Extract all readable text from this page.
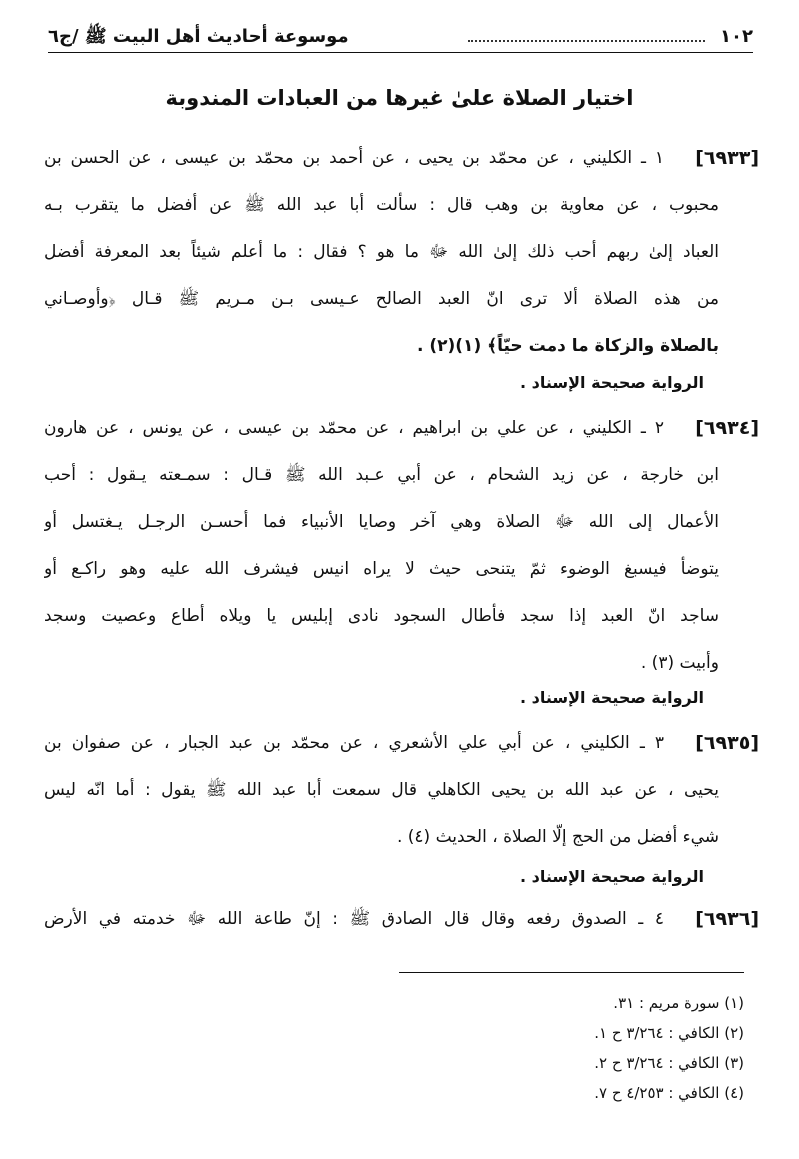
١٠٢
موسوعة أحاديث أهل البيت ﷺ /ج٦
اختيار الصلاة علىٰ غيرها من العبادات المندوبة
[٦٩٣٣]
١ ـ الكليني ، عن محمّد بن يحيى ، عن أحمد بن محمّد بن عيسى ، عن الحسن بن
محبوب ، عن معاوية بن وهب قال : سألت أبا عبد الله ﷺ عن أفضل ما يتقرب بـه
العباد إلىٰ ربهم أحب ذلك إلىٰ الله ﷻ ما هو ؟ فقال : ما أعلم شيئاً بعد المعرفة أفضل
من هذه الصلاة ألا ترى انّ العبد الصالح عـيسى بـن مـريم ﷺ قـال ﴿وأوصـاني
بالصلاة والزكاة ما دمت حيّاً﴾ (١)(٢) .
الرواية صحيحة الإسناد .
[٦٩٣٤]
٢ ـ الكليني ، عن علي بن ابراهيم ، عن محمّد بن عيسى ، عن يونس ، عن هارون
ابن خارجة ، عن زيد الشحام ، عن أبي عـبد الله ﷺ قـال : سمـعته يـقول : أحب
الأعمال إلى الله ﷻ الصلاة وهي آخر وصايا الأنبياء فما أحسـن الرجـل يـغتسل أو
يتوضأ فيسبغ الوضوء ثمّ يتنحى حيث لا يراه انيس فيشرف الله عليه وهو راكـع أو
ساجد انّ العبد إذا سجد فأطال السجود نادى إبليس يا ويلاه أطاع وعصيت وسجد
وأبيت (٣) .
الرواية صحيحة الإسناد .
[٦٩٣٥]
٣ ـ الكليني ، عن أبي علي الأشعري ، عن محمّد بن عبد الجبار ، عن صفوان بن
يحيى ، عن عبد الله بن يحيى الكاهلي قال سمعت أبا عبد الله ﷺ يقول : أما انّه ليس
شيء أفضل من الحج إلّا الصلاة ، الحديث (٤) .
الرواية صحيحة الإسناد .
[٦٩٣٦]
٤ ـ الصدوق رفعه وقال قال الصادق ﷺ : إنّ طاعة الله ﷻ خدمته في الأرض
(١) سورة مريم : ٣١.
(٢) الكافي : ٣/٢٦٤ ح ١.
(٣) الكافي : ٣/٢٦٤ ح ٢.
(٤) الكافي : ٤/٢٥٣ ح ٧.
